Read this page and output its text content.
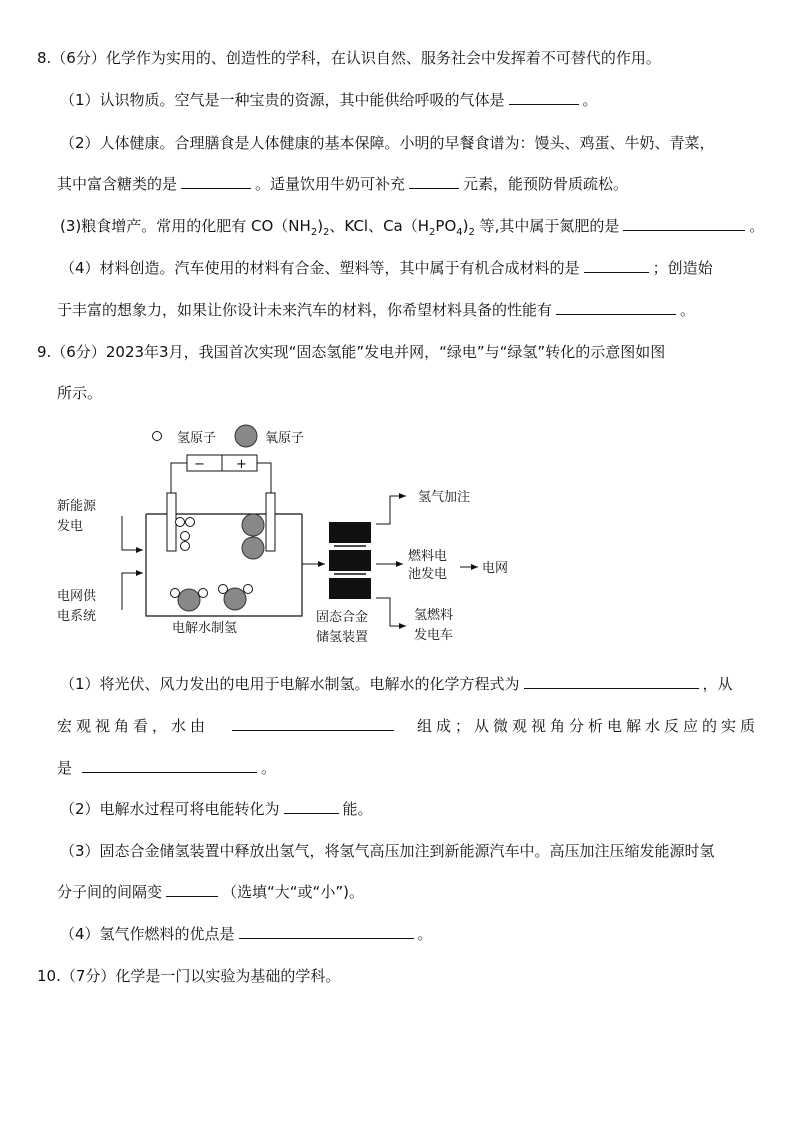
8.（6分）化学作为实用的、创造性的学科，在认识自然、服务社会中发挥着不可替代的作用。
（1）认识物质。空气是一种宝贵的资源，其中能供给呼吸的气体是	。
（2）人体健康。合理膳食是人体健康的基本保障。小明的早餐食谱为：馒头、鸡蛋、牛奶、青菜，
其中富含糖类的是	。适量饮用牛奶可补充	元素，能预防骨质疏松。
(3)粮食增产。常用的化肥有 $CO(NH_2)_2$、KCl、$Ca(H_2PO_4)_2$ 等,其中属于氮肥的是	。
（4）材料创造。汽车使用的材料有合金、塑料等，其中属于有机合成材料的是	；创造始
于丰富的想象力，如果让你设计未来汽车的材料，你希望材料具备的性能有	。
9.（6分）2023年3月，我国首次实现“固态氢能”发电并网，“绿电”与“绿氢”转化的示意图如图
所示。
氢原子	氧原子
− +
电解水制氢
新能源
发电
电网供
电系统	固态合金
储氢装置
氢气加注
燃料电
池发电	电网
氢燃料
发电车
（1）将光伏、风力发出的电用于电解水制氢。电解水的化学方程式为	，从
宏观视角看，水由	组成；从微观视角分析电解水反应的实质
是	。
（2）电解水过程可将电能转化为	能。
（3）固态合金储氢装置中释放出氢气，将氢气高压加注到新能源汽车中。高压加注压缩发能源时氢
分子间的间隔变	（选填“大“或“小”)。
（4）氢气作燃料的优点是	。
10.（7分）化学是一门以实验为基础的学科。
